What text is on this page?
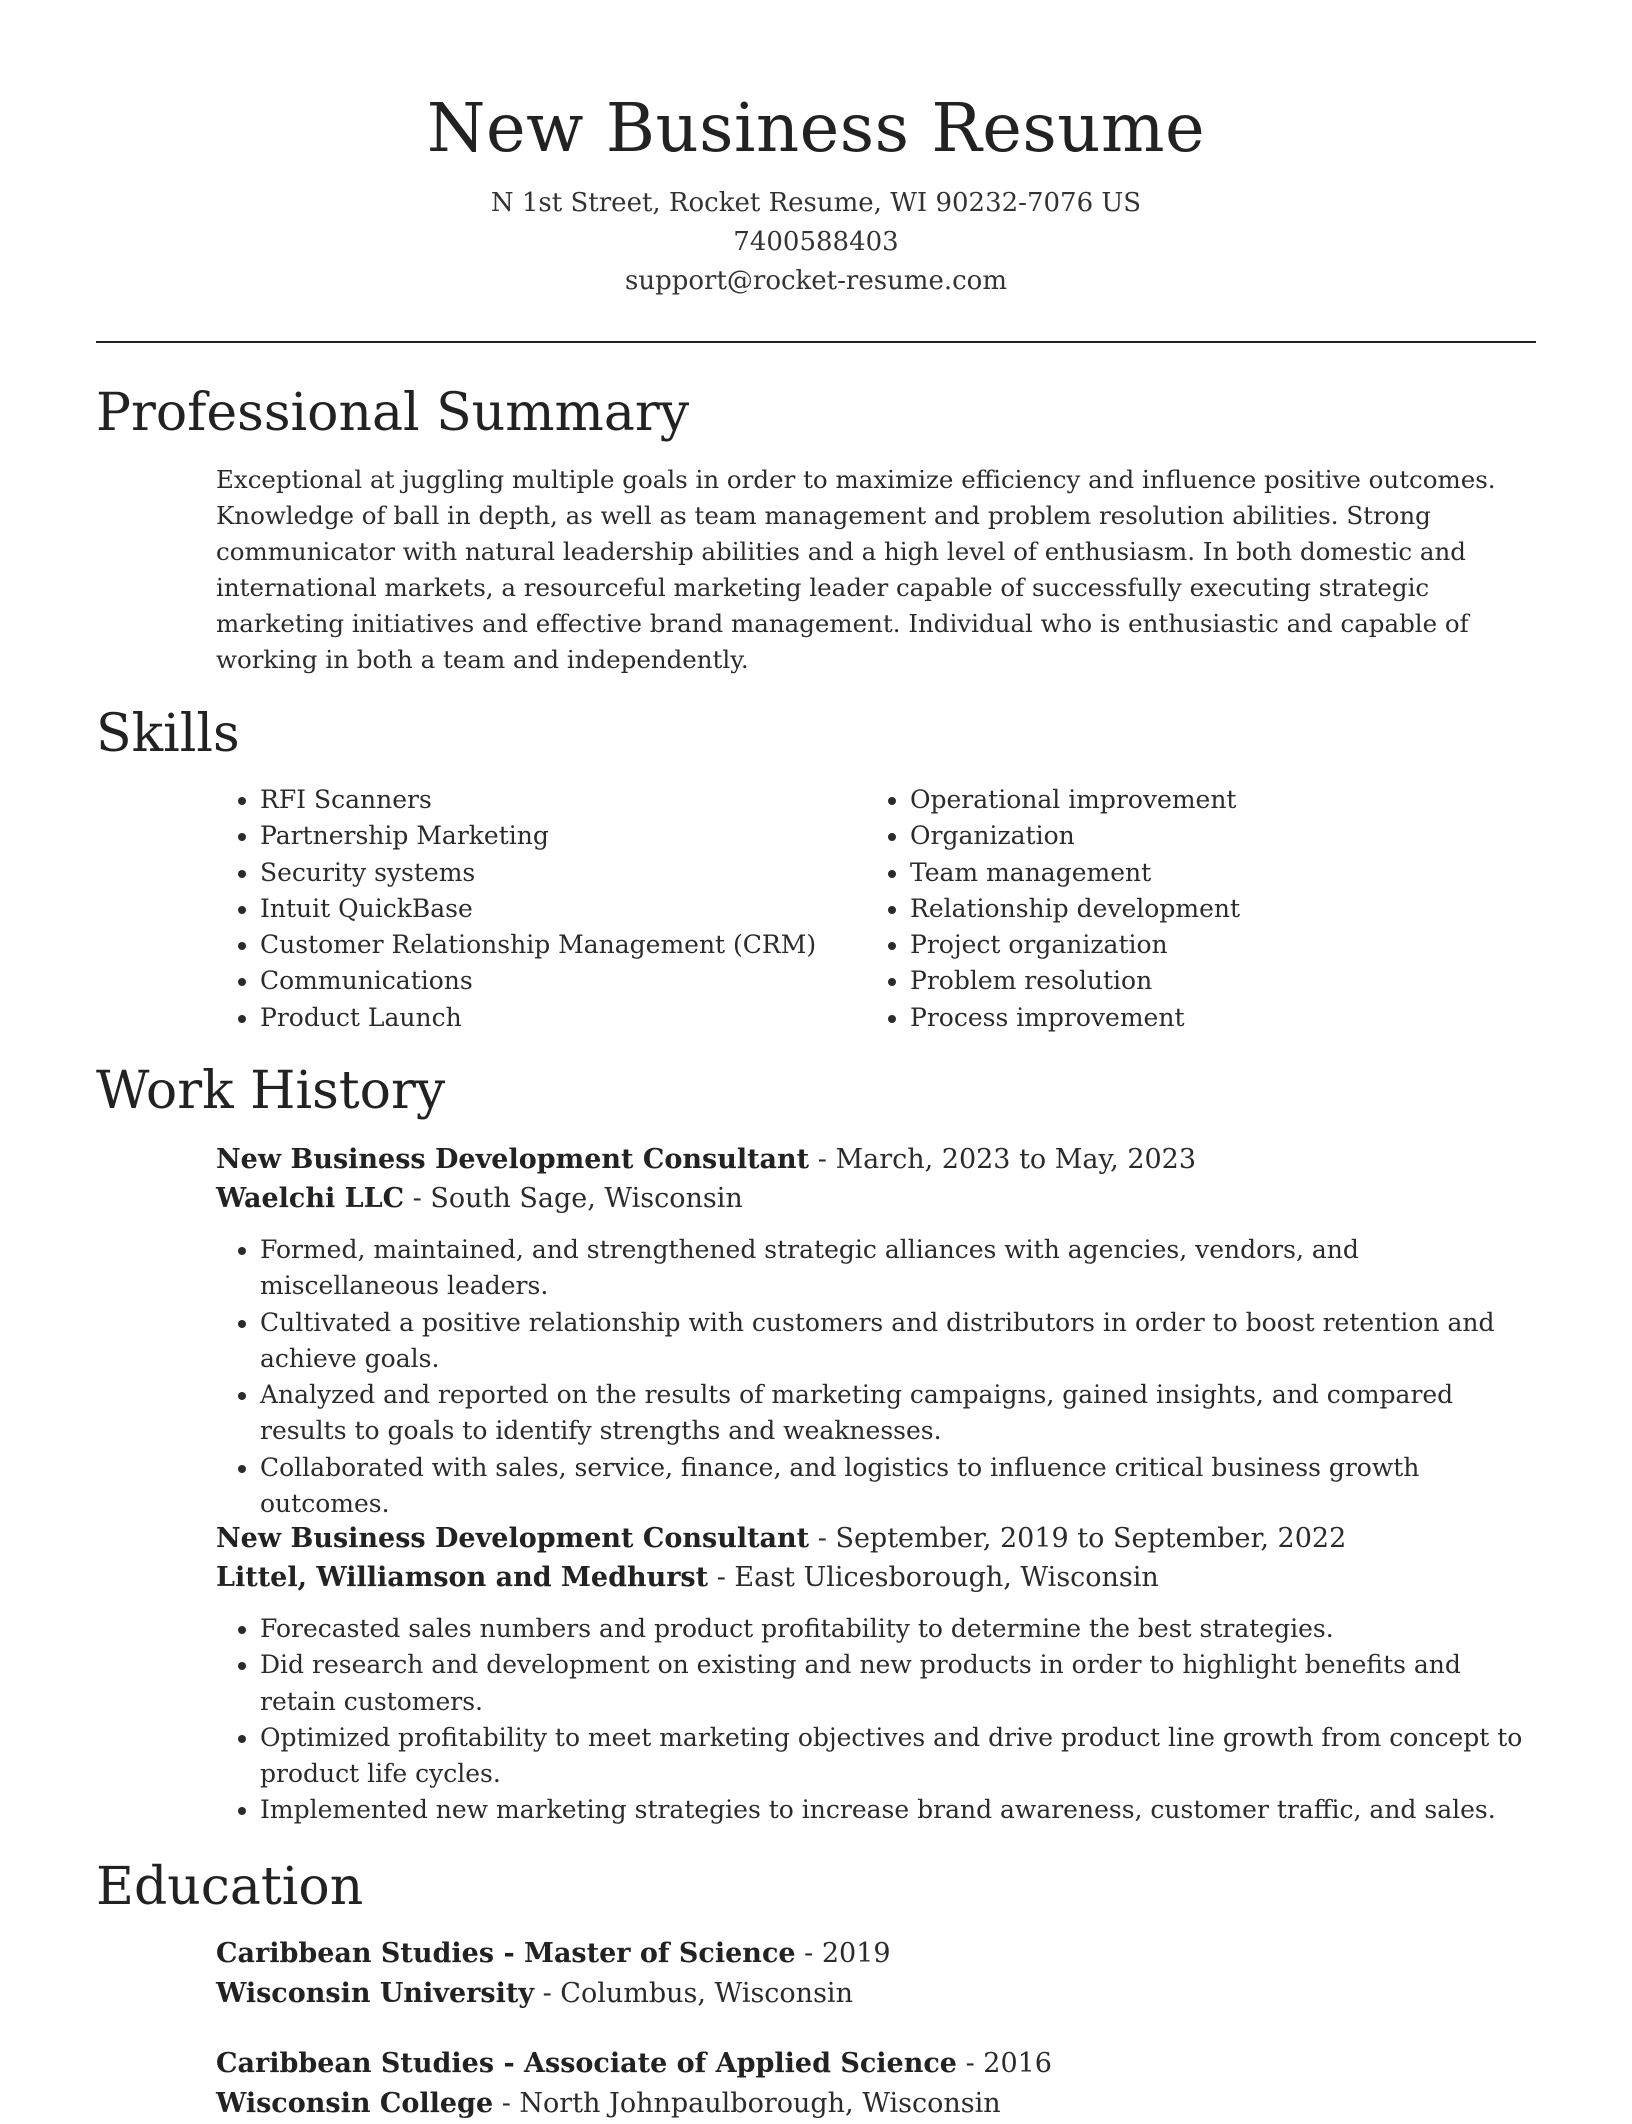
New Business Resume
N 1st Street, Rocket Resume, WI 90232-7076 US
7400588403
support@rocket-resume.com
Professional Summary

Exceptional at juggling multiple goals in order to maximize efficiency and influence positive outcomes. Knowledge of ball in depth, as well as team management and problem resolution abilities. Strong communicator with natural leadership abilities and a high level of enthusiasm. In both domestic and international markets, a resourceful marketing leader capable of successfully executing strategic marketing initiatives and effective brand management. Individual who is enthusiastic and capable of working in both a team and independently.

Skills
• RFI Scanners
• Partnership Marketing
• Security systems
• Intuit QuickBase
• Customer Relationship Management (CRM)
• Communications
• Product Launch
• Operational improvement
• Organization
• Team management
• Relationship development
• Project organization
• Problem resolution
• Process improvement
Work History
New Business Development Consultant - March, 2023 to May, 2023
Waelchi LLC - South Sage, Wisconsin
• Formed, maintained, and strengthened strategic alliances with agencies, vendors, and miscellaneous leaders.
• Cultivated a positive relationship with customers and distributors in order to boost retention and achieve goals.
• Analyzed and reported on the results of marketing campaigns, gained insights, and compared results to goals to identify strengths and weaknesses.
• Collaborated with sales, service, finance, and logistics to influence critical business growth outcomes.
New Business Development Consultant - September, 2019 to September, 2022
Littel, Williamson and Medhurst - East Ulicesborough, Wisconsin
• Forecasted sales numbers and product profitability to determine the best strategies.
• Did research and development on existing and new products in order to highlight benefits and retain customers.
• Optimized profitability to meet marketing objectives and drive product line growth from concept to product life cycles.
• Implemented new marketing strategies to increase brand awareness, customer traffic, and sales.
Education
Caribbean Studies - Master of Science - 2019
Wisconsin University - Columbus, Wisconsin
Caribbean Studies - Associate of Applied Science - 2016
Wisconsin College - North Johnpaulborough, Wisconsin
